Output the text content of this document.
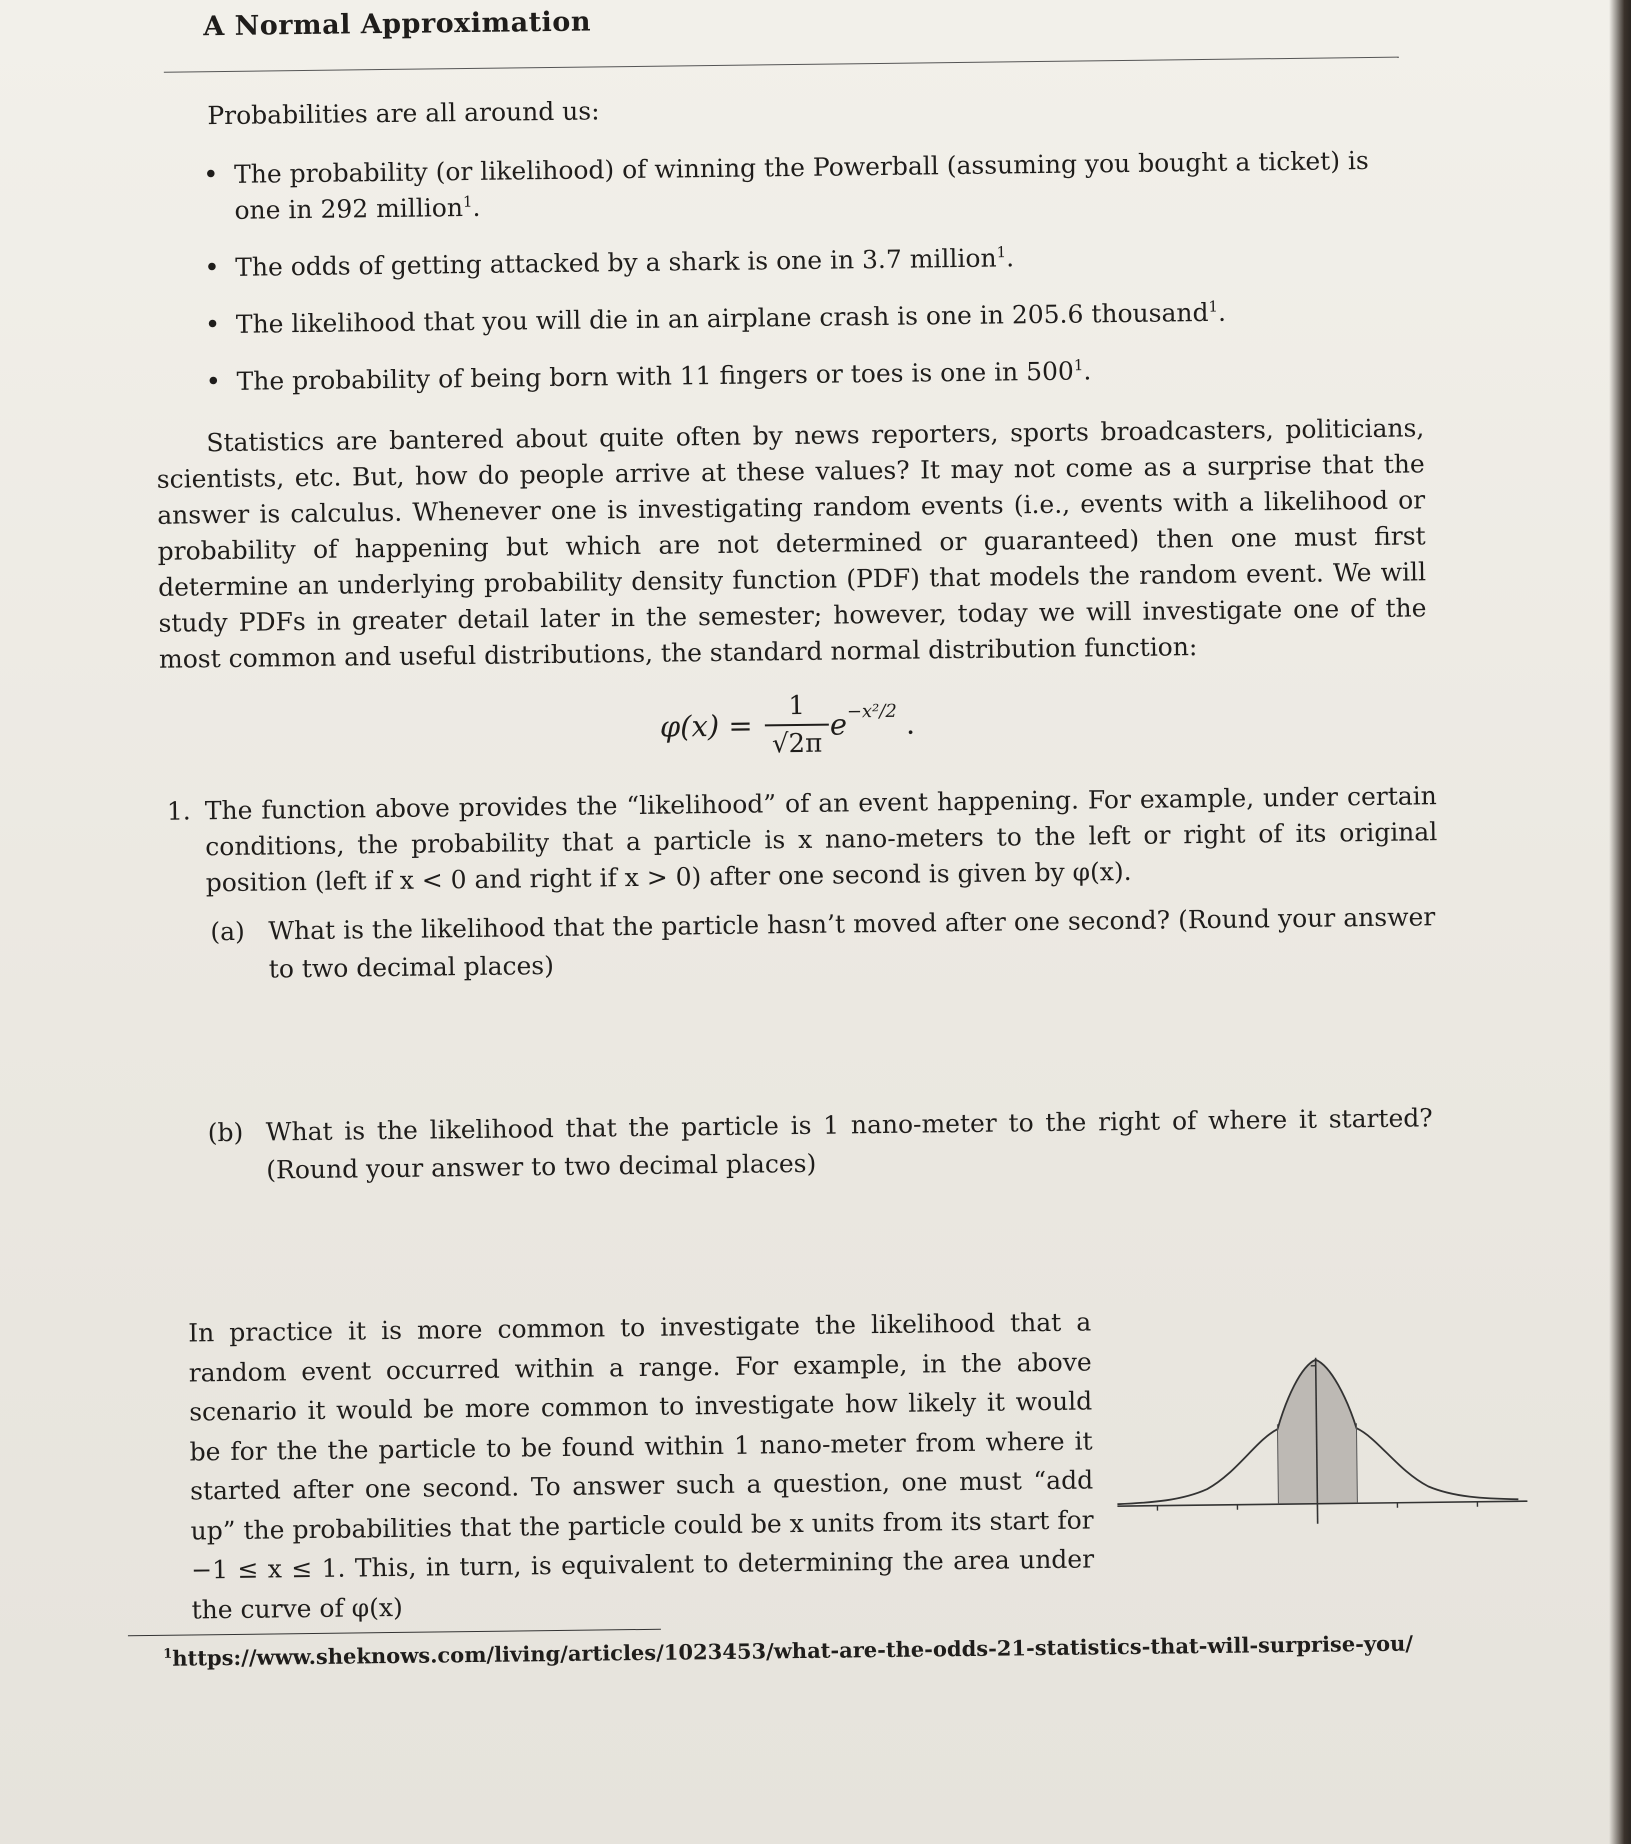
A Normal Approximation
Probabilities are all around us:
• The probability (or likelihood) of winning the Powerball (assuming you bought a ticket) is one in 292 million$^1$.
• The odds of getting attacked by a shark is one in 3.7 million$^1$.
• The likelihood that you will die in an airplane crash is one in 205.6 thousand$^1$.
• The probability of being born with 11 fingers or toes is one in $500^1$.

Statistics are bantered about quite often by news reporters, sports broadcasters, politicians, scientists, etc. But, how do people arrive at these values? It may not come as a surprise that the answer is calculus. Whenever one is investigating random events (i.e., events with a likelihood or probability of happening but which are not determined or guaranteed) then one must first determine an underlying probability density function (PDF) that models the random event. We will study PDFs in greater detail later in the semester; however, today we will investigate one of the most common and useful distributions, the standard normal distribution function:

φ(x) =
1
√2π
$e^{-x^2/2}$ .
1. The function above provides the “likelihood” of an event happening. For example, under certain conditions, the probability that a particle is x nano-meters to the left or right of its original position (left if x < 0 and right if x > 0) after one second is given by φ(x).
(a) What is the likelihood that the particle hasn’t moved after one second? (Round your answer to two decimal places)
(b) What is the likelihood that the particle is 1 nano-meter to the right of where it started? (Round your answer to two decimal places)
In practice it is more common to investigate the likelihood that a random event occurred within a range. For example, in the above scenario it would be more common to investigate how likely it would be for the the particle to be found within 1 nano-meter from where it started after one second. To answer such a question, one must “add up” the probabilities that the particle could be x units from its start for −1 ≤ x ≤ 1. This, in turn, is equivalent to determining the area under the curve of φ(x)
$^1$https://www.sheknows.com/living/articles/1023453/what-are-the-odds-21-statistics-that-will-surprise-you/
